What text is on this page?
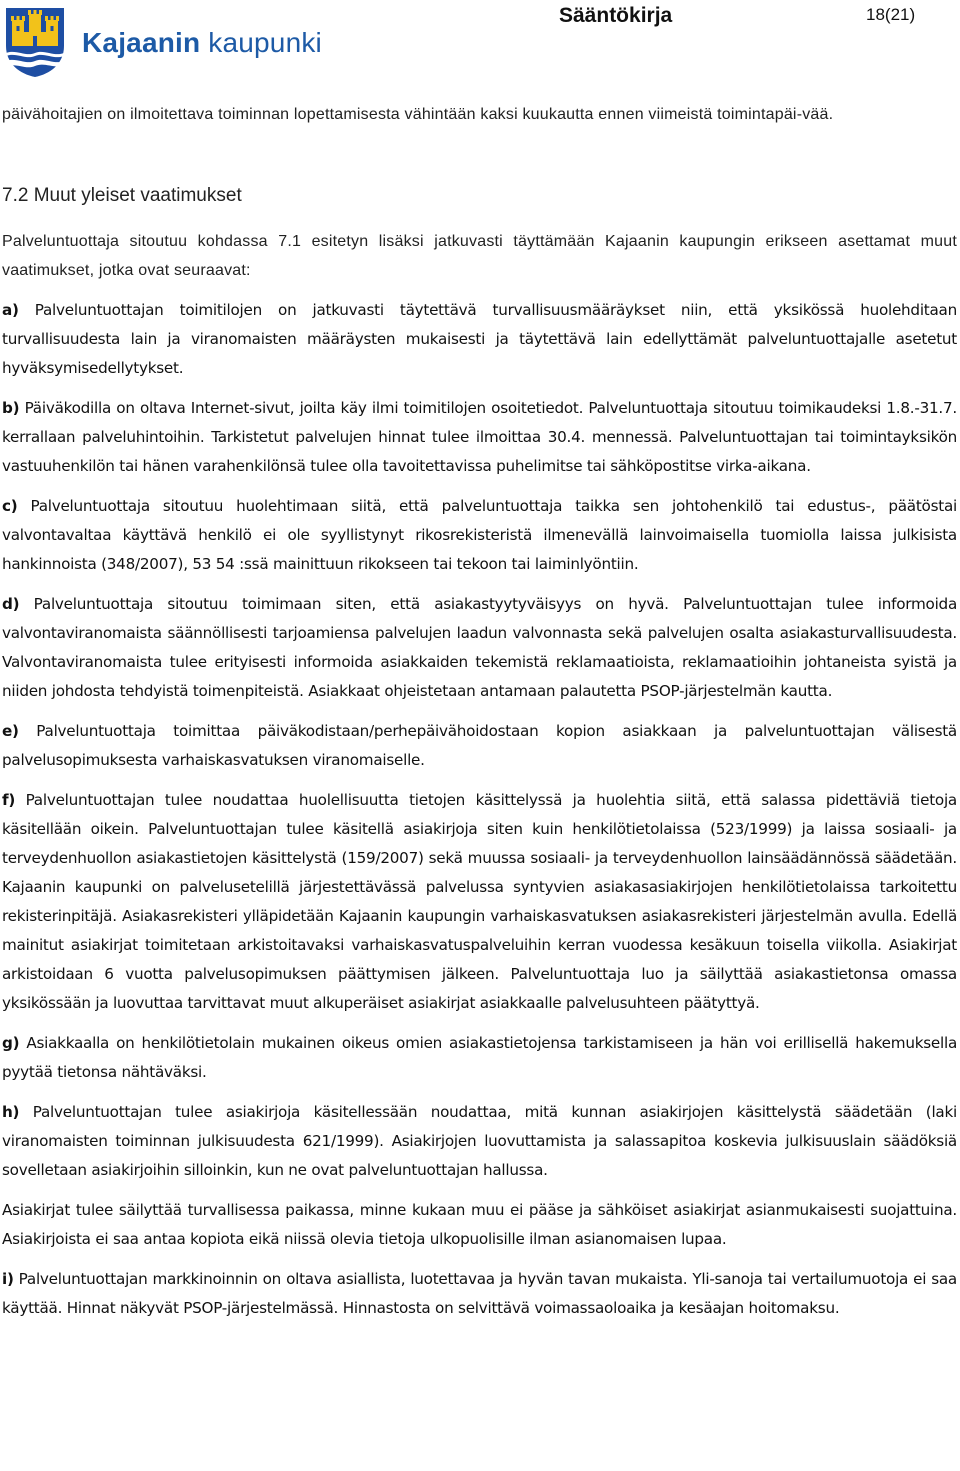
Kajaanin kaupunki
Sääntökirja	18(21)

päivähoitajien on ilmoitettava toiminnan lopettamisesta vähintään kaksi kuukautta ennen viimeistä toimintapäi-vää.

7.2 Muut yleiset vaatimukset

Palveluntuottaja sitoutuu kohdassa 7.1 esitetyn lisäksi jatkuvasti täyttämään Kajaanin kaupungin erikseen asettamat muut vaatimukset, jotka ovat seuraavat:

a) Palveluntuottajan toimitilojen on jatkuvasti täytettävä turvallisuusmääräykset niin, että yksikössä huolehditaan turvallisuudesta lain ja viranomaisten määräysten mukaisesti ja täytettävä lain edellyttämät palveluntuottajalle asetetut hyväksymisedellytykset.

b) Päiväkodilla on oltava Internet-sivut, joilta käy ilmi toimitilojen osoitetiedot. Palveluntuottaja sitoutuu toimikaudeksi 1.8.-31.7. kerrallaan palveluhintoihin. Tarkistetut palvelujen hinnat tulee ilmoittaa 30.4. mennessä. Palveluntuottajan tai toimintayksikön vastuuhenkilön tai hänen varahenkilönsä tulee olla tavoitettavissa puhelimitse tai sähköpostitse virka-aikana.

c) Palveluntuottaja sitoutuu huolehtimaan siitä, että palveluntuottaja taikka sen johtohenkilö tai edustus-, päätöstai valvontavaltaa käyttävä henkilö ei ole syyllistynyt rikosrekisteristä ilmenevällä lainvoimaisella tuomiolla laissa julkisista hankinnoista (348/2007), 53 54 :ssä mainittuun rikokseen tai tekoon tai laiminlyöntiin.

d) Palveluntuottaja sitoutuu toimimaan siten, että asiakastyytyväisyys on hyvä. Palveluntuottajan tulee informoida valvontaviranomaista säännöllisesti tarjoamiensa palvelujen laadun valvonnasta sekä palvelujen osalta asiakasturvallisuudesta. Valvontaviranomaista tulee erityisesti informoida asiakkaiden tekemistä reklamaatioista, reklamaatioihin johtaneista syistä ja niiden johdosta tehdyistä toimenpiteistä. Asiakkaat ohjeistetaan antamaan palautetta PSOP-järjestelmän kautta.

e) Palveluntuottaja toimittaa päiväkodistaan/perhepäivähoidostaan kopion asiakkaan ja palveluntuottajan välisestä palvelusopimuksesta varhaiskasvatuksen viranomaiselle.

f) Palveluntuottajan tulee noudattaa huolellisuutta tietojen käsittelyssä ja huolehtia siitä, että salassa pidettäviä tietoja käsitellään oikein. Palveluntuottajan tulee käsitellä asiakirjoja siten kuin henkilötietolaissa (523/1999) ja laissa sosiaali- ja terveydenhuollon asiakastietojen käsittelystä (159/2007) sekä muussa sosiaali- ja terveydenhuollon lainsäädännössä säädetään. Kajaanin kaupunki on palvelusetelillä järjestettävässä palvelussa syntyvien asiakasasiakirjojen henkilötietolaissa tarkoitettu rekisterinpitäjä. Asiakasrekisteri ylläpidetään Kajaanin kaupungin varhaiskasvatuksen asiakasrekisteri järjestelmän avulla. Edellä mainitut asiakirjat toimitetaan arkistoitavaksi varhaiskasvatuspalveluihin kerran vuodessa kesäkuun toisella viikolla. Asiakirjat arkistoidaan 6 vuotta palvelusopimuksen päättymisen jälkeen. Palveluntuottaja luo ja säilyttää asiakastietonsa omassa yksikössään ja luovuttaa tarvittavat muut alkuperäiset asiakirjat asiakkaalle palvelusuhteen päätyttyä.

g) Asiakkaalla on henkilötietolain mukainen oikeus omien asiakastietojensa tarkistamiseen ja hän voi erillisellä hakemuksella pyytää tietonsa nähtäväksi.

h) Palveluntuottajan tulee asiakirjoja käsitellessään noudattaa, mitä kunnan asiakirjojen käsittelystä säädetään (laki viranomaisten toiminnan julkisuudesta 621/1999). Asiakirjojen luovuttamista ja salassapitoa koskevia julkisuuslain säädöksiä sovelletaan asiakirjoihin silloinkin, kun ne ovat palveluntuottajan hallussa.

Asiakirjat tulee säilyttää turvallisessa paikassa, minne kukaan muu ei pääse ja sähköiset asiakirjat asianmukaisesti suojattuina. Asiakirjoista ei saa antaa kopiota eikä niissä olevia tietoja ulkopuolisille ilman asianomaisen lupaa.

i) Palveluntuottajan markkinoinnin on oltava asiallista, luotettavaa ja hyvän tavan mukaista. Yli-sanoja tai vertailumuotoja ei saa käyttää. Hinnat näkyvät PSOP-järjestelmässä. Hinnastosta on selvittävä voimassaoloaika ja kesäajan hoitomaksu.
